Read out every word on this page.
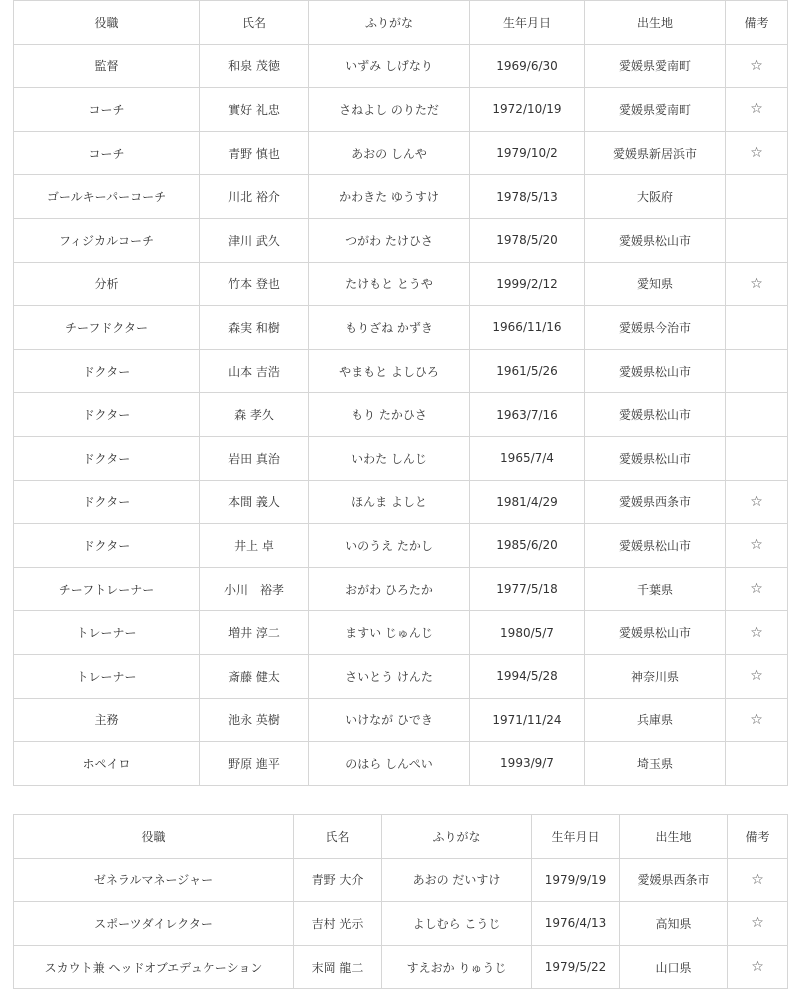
役職	氏名	ふりがな	生年月日	出生地	備考
監督	和泉 茂徳	いずみ しげなり	1969/6/30	愛媛県愛南町	☆
コーチ	實好 礼忠	さねよし のりただ	1972/10/19	愛媛県愛南町	☆
コーチ	青野 慎也	あおの しんや	1979/10/2	愛媛県新居浜市	☆
ゴールキーパーコーチ	川北 裕介	かわきた ゆうすけ	1978/5/13	大阪府	
フィジカルコーチ	津川 武久	つがわ たけひさ	1978/5/20	愛媛県松山市	
分析	竹本 登也	たけもと とうや	1999/2/12	愛知県	☆
チーフドクター	森実 和樹	もりざね かずき	1966/11/16	愛媛県今治市	
ドクター	山本 吉浩	やまもと よしひろ	1961/5/26	愛媛県松山市	
ドクター	森 孝久	もり たかひさ	1963/7/16	愛媛県松山市	
ドクター	岩田 真治	いわた しんじ	1965/7/4	愛媛県松山市	
ドクター	本間 義人	ほんま よしと	1981/4/29	愛媛県西条市	☆
ドクター	井上 卓	いのうえ たかし	1985/6/20	愛媛県松山市	☆
チーフトレーナー	小川　裕孝	おがわ ひろたか	1977/5/18	千葉県	☆
トレーナー	増井 淳二	ますい じゅんじ	1980/5/7	愛媛県松山市	☆
トレーナー	斎藤 健太	さいとう けんた	1994/5/28	神奈川県	☆
主務	池永 英樹	いけなが ひでき	1971/11/24	兵庫県	☆
ホペイロ	野原 進平	のはら しんぺい	1993/9/7	埼玉県	
役職	氏名	ふりがな	生年月日	出生地	備考
ゼネラルマネージャー	青野 大介	あおの だいすけ	1979/9/19	愛媛県西条市	☆
スポーツダイレクター	吉村 光示	よしむら こうじ	1976/4/13	高知県	☆
スカウト兼 ヘッドオブエデュケーション	末岡 龍二	すえおか りゅうじ	1979/5/22	山口県	☆
